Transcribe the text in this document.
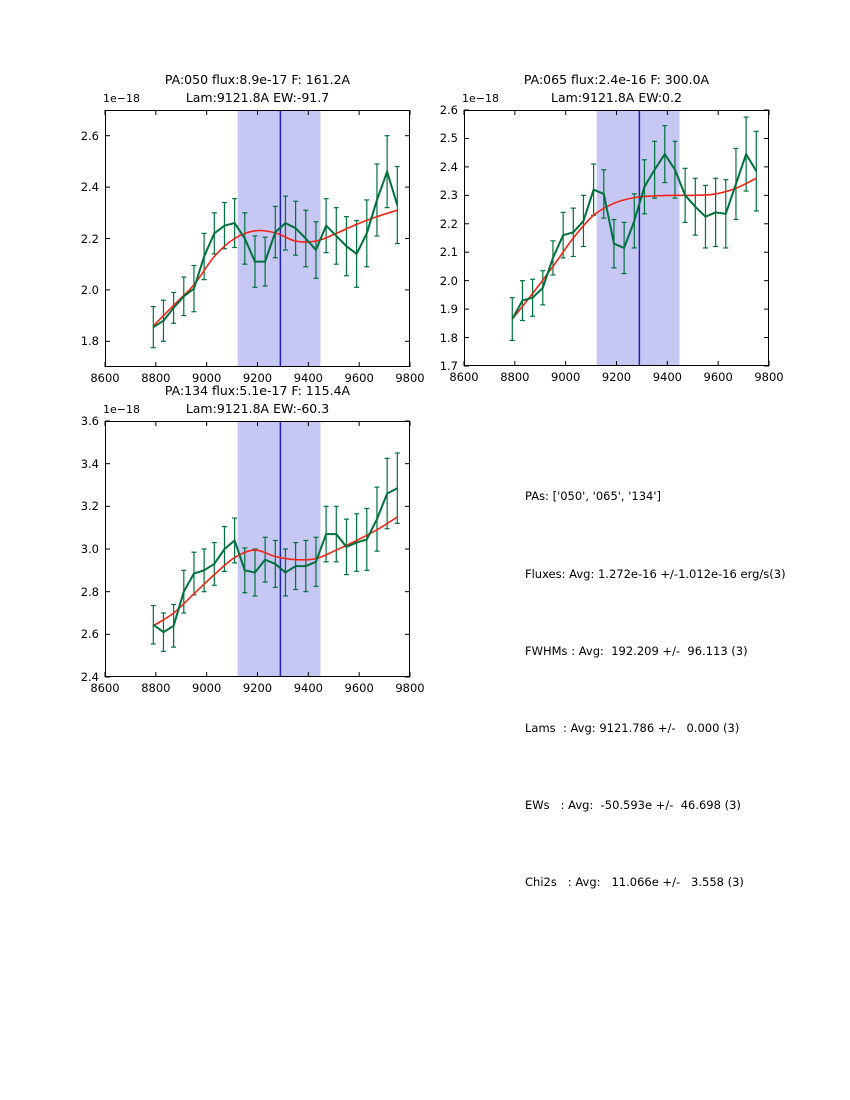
PA:050 flux:8.9e-17 F: 161.2A
Lam:9121.8A EW:-91.7
1e−18
8600	8800	9000	9200	9400	9600	9800
1.8
2.0
2.2
2.4
2.6
PA:065 flux:2.4e-16 F: 300.0A
Lam:9121.8A EW:0.2
1e−18
8600	8800	9000	9200	9400	9600	9800
1.7
1.8
1.9
2.0
2.1
2.2
2.3
2.4
2.5
2.6
PA:134 flux:5.1e-17 F: 115.4A
Lam:9121.8A EW:-60.3
1e−18
8600	8800	9000	9200	9400	9600	9800
2.4
2.6
2.8
3.0
3.2
3.4
3.6

PAs: ['050', '065', '134']

Fluxes: Avg: 1.272e-16 +/-1.012e-16 erg/s(3)

FWHMs : Avg:  192.209 +/-  96.113 (3)

Lams  : Avg: 9121.786 +/-   0.000 (3)

EWs   : Avg:  -50.593e +/-  46.698 (3)

Chi2s   : Avg:   11.066e +/-   3.558 (3)
